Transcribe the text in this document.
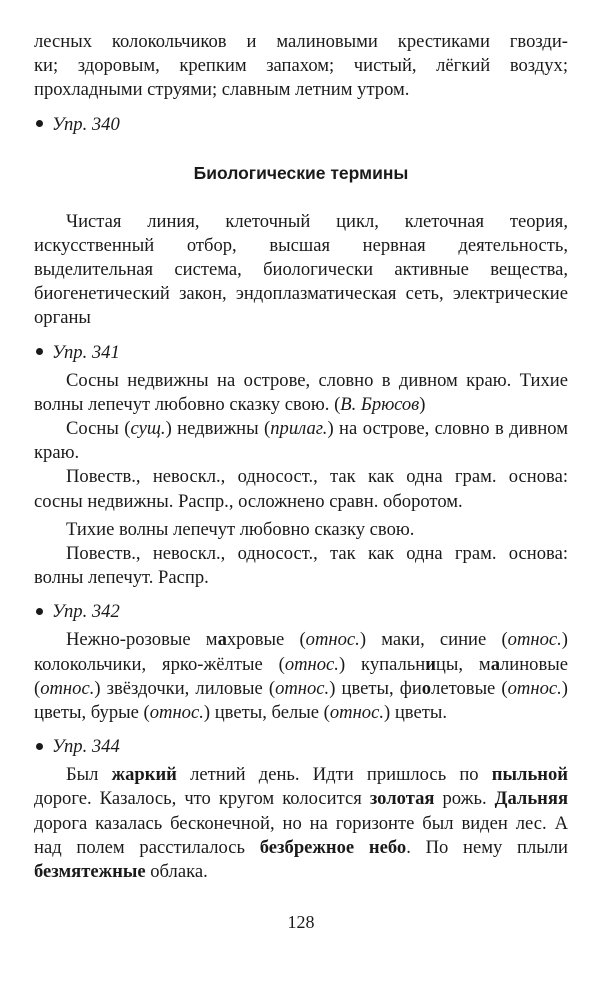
лесных колокольчиков и малиновыми крестиками гвозди-

ки; здоровым, крепким запахом; чистый, лёгкий воздух;

прохладными струями; славным летним утром.

Упр. 340

Биологические термины

Чистая линия, клеточный цикл, клеточная теория, искусственный отбор, высшая нервная деятельность, выделительная система, биологически активные вещества, биогенетический закон, эндоплазматическая сеть, электрические органы

Упр. 341

Сосны недвижны на острове, словно в дивном краю. Тихие волны лепечут любовно сказку свою. (В. Брюсов)

Сосны (сущ.) недвижны (прилаг.) на острове, словно в дивном краю.

Повеств., невоскл., односост., так как одна грам. основа: сосны недвижны. Распр., осложнено сравн. оборотом.

Тихие волны лепечут любовно сказку свою.

Повеств., невоскл., односост., так как одна грам. основа: волны лепечут. Распр.

Упр. 342

Нежно-розовые махровые (относ.) маки, синие (относ.) колокольчики, ярко-жёлтые (относ.) купальницы, малиновые (относ.) звёздочки, лиловые (относ.) цветы, фиолетовые (относ.) цветы, бурые (относ.) цветы, белые (относ.) цветы.

Упр. 344

Был жаркий летний день. Идти пришлось по пыльной дороге. Казалось, что кругом колосится золотая рожь. Дальняя дорога казалась бесконечной, но на горизонте был виден лес. А над полем расстилалось безбрежное небо. По нему плыли безмятежные облака.

128
